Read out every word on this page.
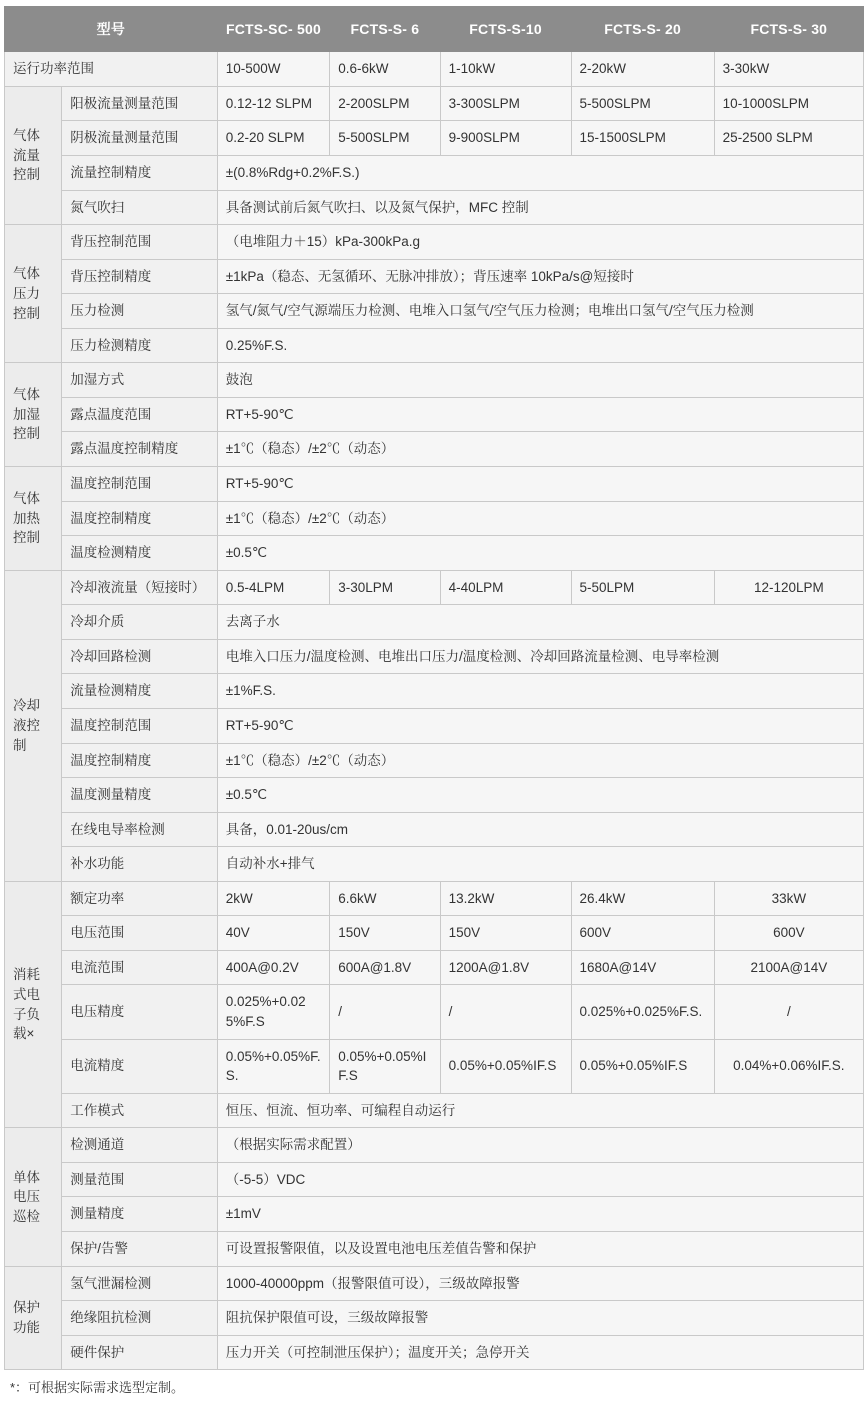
型号		FCTS-SC- 500	FCTS-S- 6	FCTS-S-10	FCTS-S- 20	FCTS-S- 30
运行功率范围		10-500W	0.6-6kW	1-10kW	2-20kW	3-30kW
气体流量控制	阳极流量测量范围	0.12-12 SLPM	2-200SLPM	3-300SLPM	5-500SLPM	10-1000SLPM
	阴极流量测量范围	0.2-20 SLPM	5-500SLPM	9-900SLPM	15-1500SLPM	25-2500 SLPM
	流量控制精度	±(0.8%Rdg+0.2%F.S.)				
	氮气吹扫	具备测试前后氮气吹扫、以及氮气保护，MFC 控制				
气体压力控制	背压控制范围	（电堆阻力＋15）kPa-300kPa.g				
	背压控制精度	±1kPa（稳态、无氢循环、无脉冲排放）；背压速率 10kPa/s@短接时				
	压力检测	氢气/氮气/空气源端压力检测、电堆入口氢气/空气压力检测；电堆出口氢气/空气压力检测				
	压力检测精度	0.25%F.S.				
气体加湿控制	加湿方式	鼓泡				
	露点温度范围	RT+5-90℃				
	露点温度控制精度	±1℃（稳态）/±2℃（动态）				
气体加热控制	温度控制范围	RT+5-90℃				
	温度控制精度	±1℃（稳态）/±2℃（动态）				
	温度检测精度	±0.5℃				
冷却液控制	冷却液流量（短接时）	0.5-4LPM	3-30LPM	4-40LPM	5-50LPM	12-120LPM
	冷却介质	去离子水				
	冷却回路检测	电堆入口压力/温度检测、电堆出口压力/温度检测、冷却回路流量检测、电导率检测				
	流量检测精度	±1%F.S.				
	温度控制范围	RT+5-90℃				
	温度控制精度	±1℃（稳态）/±2℃（动态）				
	温度测量精度	±0.5℃				
	在线电导率检测	具备，0.01-20us/cm				
	补水功能	自动补水+排气				
消耗式电子负载×	额定功率	2kW	6.6kW	13.2kW	26.4kW	33kW
	电压范围	40V	150V	150V	600V	600V
	电流范围	400A@0.2V	600A@1.8V	1200A@1.8V	1680A@14V	2100A@14V
	电压精度	0.025%+0.025%F.S	/	/	0.025%+0.025%F.S.	/
	电流精度	0.05%+0.05%F.S.	0.05%+0.05%IF.S	0.05%+0.05%IF.S	0.05%+0.05%IF.S	0.04%+0.06%IF.S.
	工作模式	恒压、恒流、恒功率、可编程自动运行				
单体电压巡检	检测通道	（根据实际需求配置）				
	测量范围	（-5-5）VDC				
	测量精度	±1mV				
	保护/告警	可设置报警限值，以及设置电池电压差值告警和保护				
保护功能	氢气泄漏检测	1000-40000ppm（报警限值可设），三级故障报警				
	绝缘阻抗检测	阻抗保护限值可设，三级故障报警				
	硬件保护	压力开关（可控制泄压保护）；温度开关；急停开关				
*：可根据实际需求选型定制。
